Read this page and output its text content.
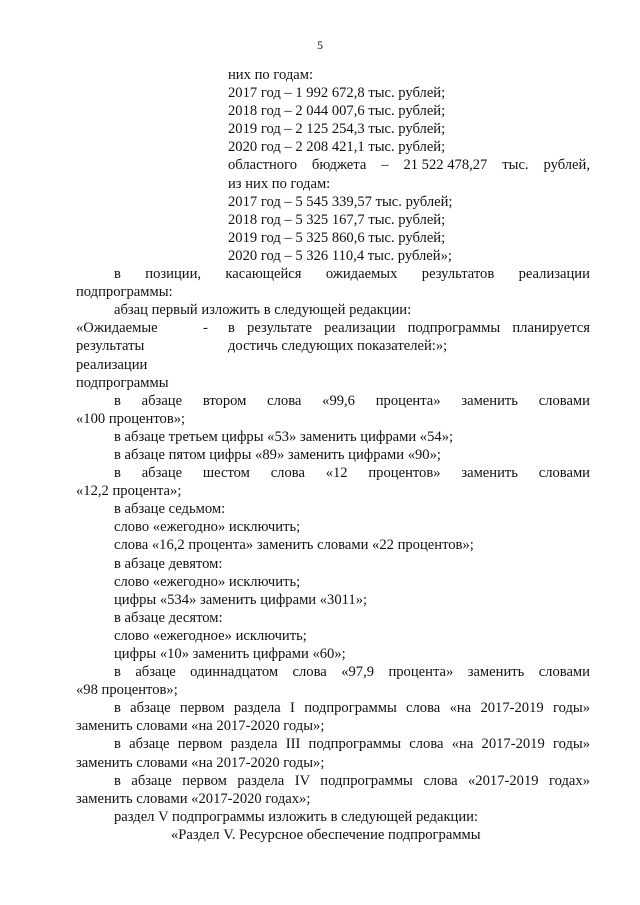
5
них по годам:
2017 год – 1 992 672,8 тыс. рублей;
2018 год – 2 044 007,6 тыс. рублей;
2019 год – 2 125 254,3 тыс. рублей;
2020 год – 2 208 421,1 тыс. рублей;
областного бюджета – 21 522 478,27 тыс. рублей,
из них по годам:
2017 год – 5 545 339,57 тыс. рублей;
2018 год – 5 325 167,7 тыс. рублей;
2019 год – 5 325 860,6 тыс. рублей;
2020 год – 5 326 110,4 тыс. рублей»;
в позиции, касающейся ожидаемых результатов реализации
подпрограммы:
абзац первый изложить в следующей редакции:
«Ожидаемые
результаты
реализации
подпрограммы
- в результате реализации подпрограммы планируется
достичь следующих показателей:»;
в абзаце втором слова «99,6 процента» заменить словами
«100 процентов»;
в абзаце третьем цифры «53» заменить цифрами «54»;
в абзаце пятом цифры «89» заменить цифрами «90»;
в абзаце шестом слова «12 процентов» заменить словами
«12,2 процента»;
в абзаце седьмом:
слово «ежегодно» исключить;
слова «16,2 процента» заменить словами «22 процентов»;
в абзаце девятом:
слово «ежегодно» исключить;
цифры «534» заменить цифрами «3011»;
в абзаце десятом:
слово «ежегодное» исключить;
цифры «10» заменить цифрами «60»;
в абзаце одиннадцатом слова «97,9 процента» заменить словами
«98 процентов»;
в абзаце первом раздела I подпрограммы слова «на 2017-2019 годы»
заменить словами «на 2017-2020 годы»;
в абзаце первом раздела III подпрограммы слова «на 2017-2019 годы»
заменить словами «на 2017-2020 годы»;
в абзаце первом раздела IV подпрограммы слова «2017-2019 годах»
заменить словами «2017-2020 годах»;
раздел V подпрограммы изложить в следующей редакции:
«Раздел V. Ресурсное обеспечение подпрограммы
